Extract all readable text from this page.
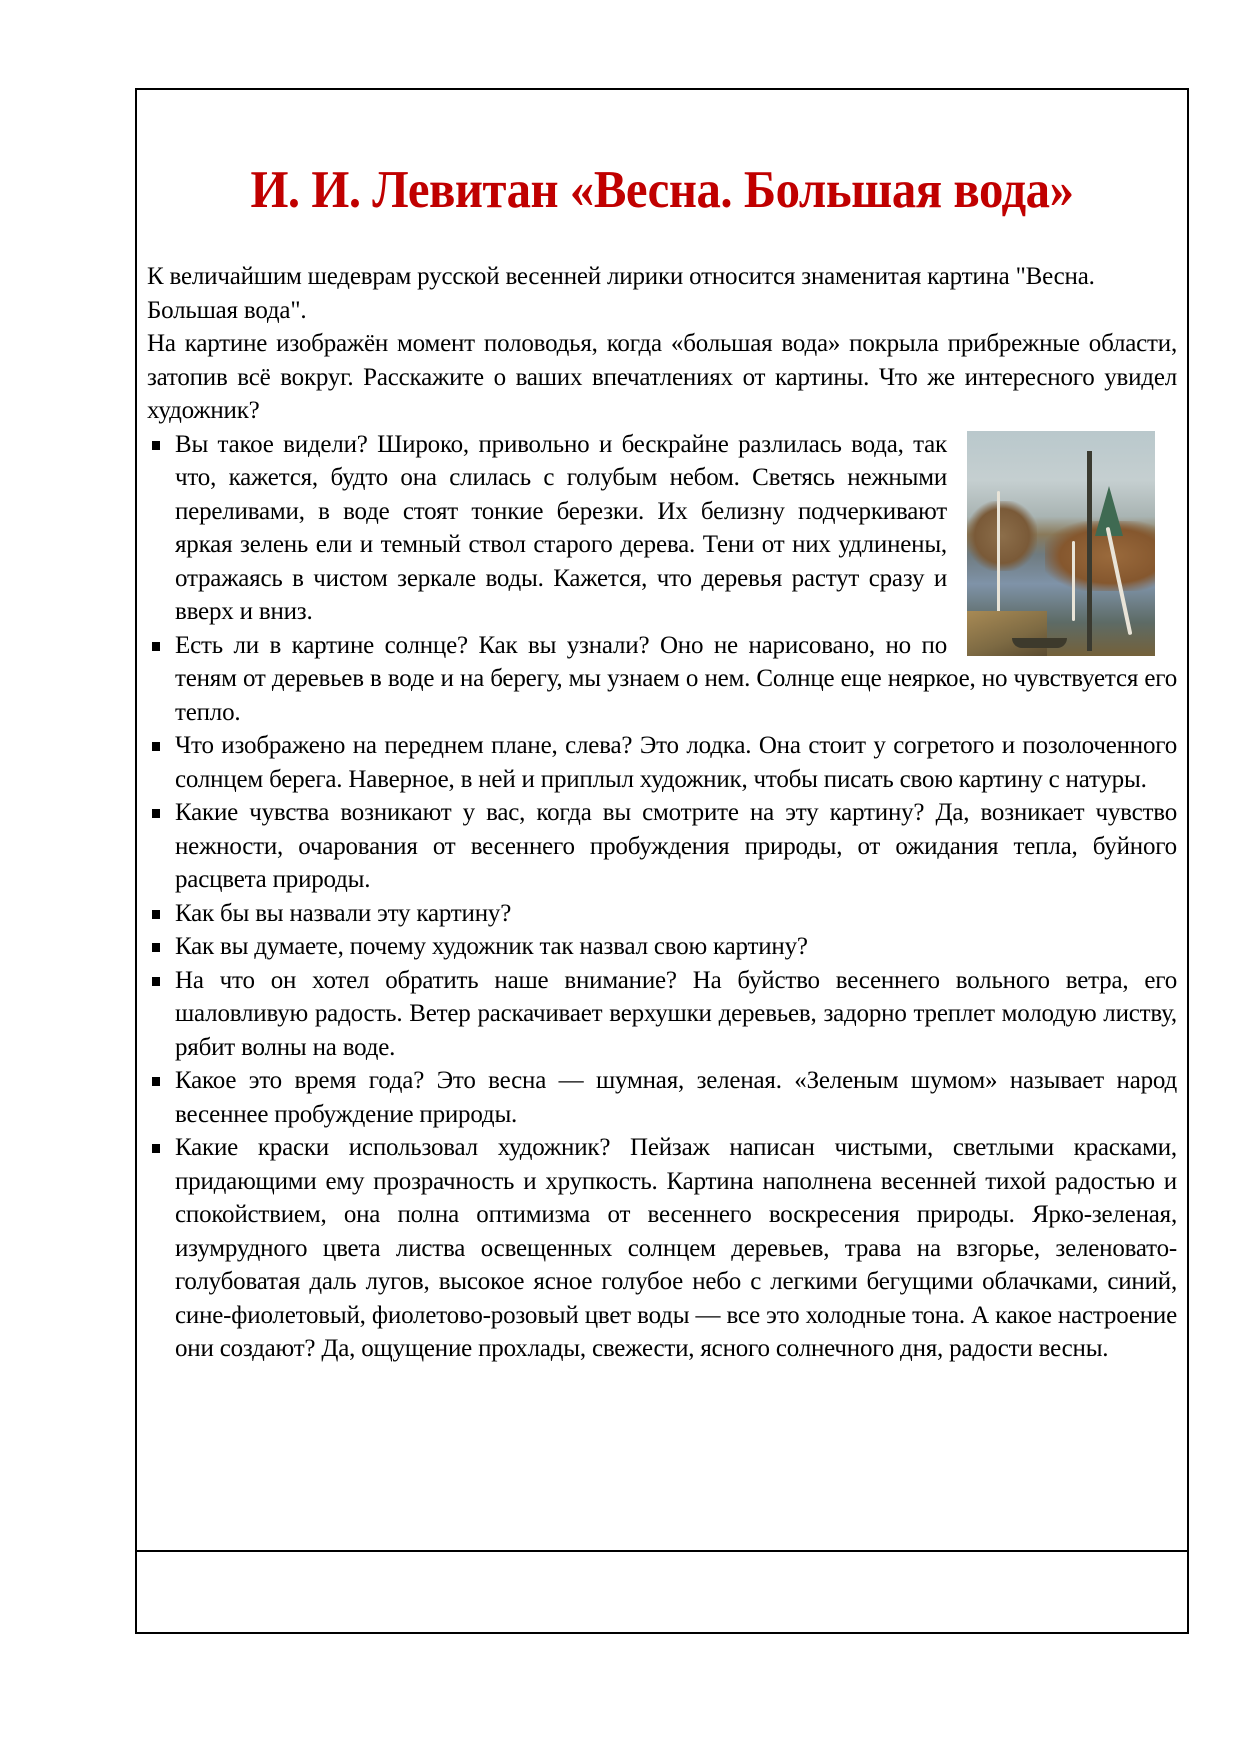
И. И. Левитан «Весна. Большая вода»

К величайшим шедеврам русской весенней лирики относится знаменитая картина "Весна. Большая вода".

На картине изображён момент половодья, когда «большая вода» покрыла прибрежные области, затопив всё вокруг. Расскажите о ваших впечатлениях от картины. Что же интересного увидел художник?

Вы такое видели? Широко, привольно и бескрайне разлилась вода, так что, кажется, будто она слилась с голубым небом. Светясь нежными переливами, в воде стоят тонкие березки. Их белизну подчеркивают яркая зелень ели и темный ствол старого дерева. Тени от них удлинены, отражаясь в чистом зеркале воды. Кажется, что деревья растут сразу и вверх и вниз.
Есть ли в картине солнце? Как вы узнали? Оно не нарисовано, но по теням от деревьев в воде и на берегу, мы узнаем о нем. Солнце еще неяркое, но чувствуется его тепло.
Что изображено на переднем плане, слева? Это лодка. Она стоит у согретого и позолоченного солнцем берега. Наверное, в ней и приплыл художник, чтобы писать свою картину с натуры.
Какие чувства возникают у вас, когда вы смотрите на эту картину? Да, возникает чувство нежности, очарования от весеннего пробуждения природы, от ожидания тепла, буйного расцвета природы.
Как бы вы назвали эту картину?
Как вы думаете, почему художник так назвал свою картину?
На что он хотел обратить наше внимание? На буйство весеннего вольного ветра, его шаловливую радость. Ветер раскачивает верхушки деревьев, задорно треплет молодую листву, рябит волны на воде.
Какое это время года? Это весна — шумная, зеленая. «Зеленым шумом» называет народ весеннее пробуждение природы.
Какие краски использовал художник? Пейзаж написан чистыми, светлыми красками, придающими ему прозрачность и хрупкость. Картина наполнена весенней тихой радостью и спокойствием, она полна оптимизма от весеннего воскресения природы. Ярко-зеленая, изумрудного цвета листва освещенных солнцем деревьев, трава на взгорье, зеленовато-голубоватая даль лугов, высокое ясное голубое небо с легкими бегущими облачками, синий, сине-фиолетовый, фиолетово-розовый цвет воды — все это холодные тона. А какое настроение они создают? Да, ощущение прохлады, свежести, ясного солнечного дня, радости весны.
